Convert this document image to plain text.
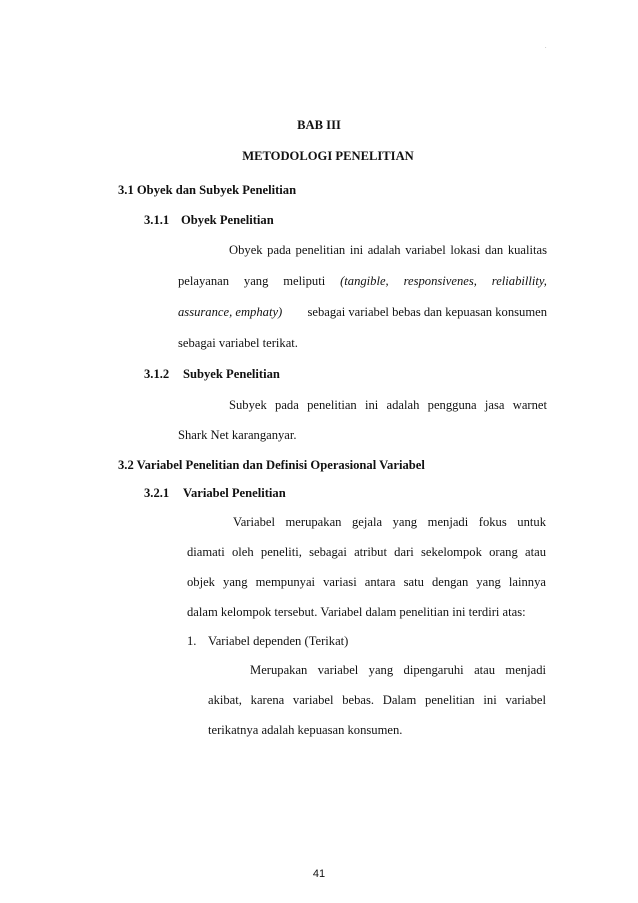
.
BAB III
METODOLOGI PENELITIAN
3.1 Obyek dan Subyek Penelitian
3.1.1 Obyek Penelitian
Obyek pada penelitian ini adalah variabel lokasi dan kualitas
pelayanan yang meliputi (tangible, responsivenes, reliabillity,
assurance, emphaty) sebagai variabel bebas dan kepuasan konsumen
sebagai variabel terikat.
3.1.2 Subyek Penelitian
Subyek pada penelitian ini adalah pengguna jasa warnet
Shark Net karanganyar.
3.2 Variabel Penelitian dan Definisi Operasional Variabel
3.2.1 Variabel Penelitian
Variabel merupakan gejala yang menjadi fokus untuk
diamati oleh peneliti, sebagai atribut dari sekelompok orang atau
objek yang mempunyai variasi antara satu dengan yang lainnya
dalam kelompok tersebut. Variabel dalam penelitian ini terdiri atas:
1. Variabel dependen (Terikat)
Merupakan variabel yang dipengaruhi atau menjadi
akibat, karena variabel bebas. Dalam penelitian ini variabel
terikatnya adalah kepuasan konsumen.
41
